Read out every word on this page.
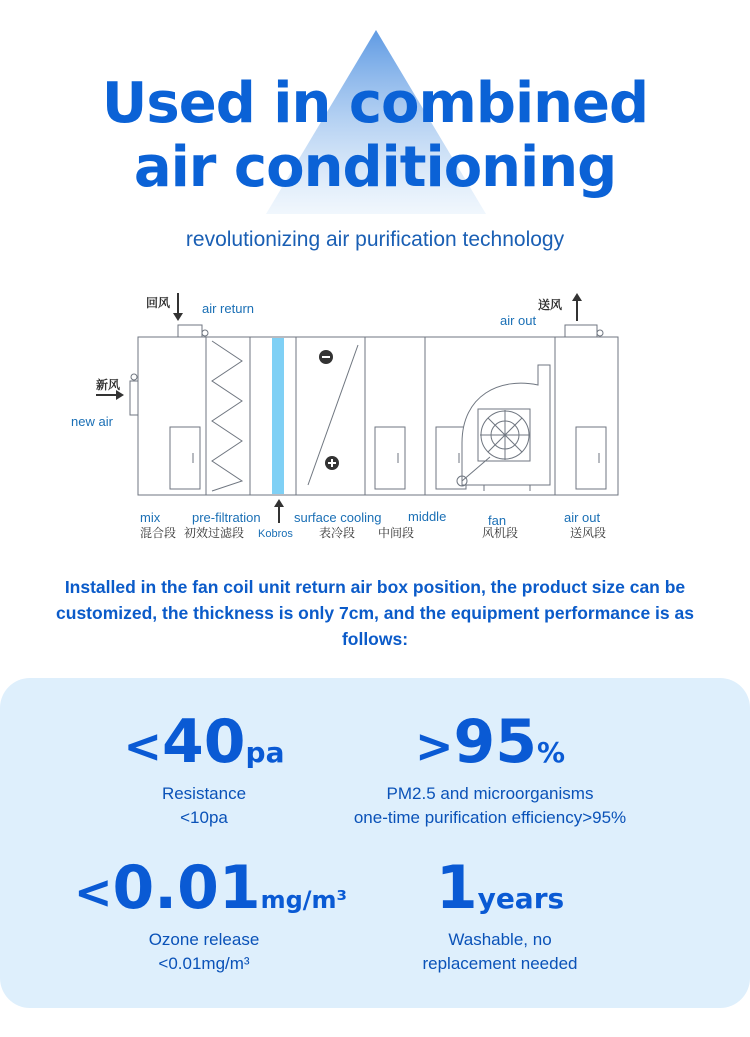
Used in combined
air conditioning
revolutionizing air purification technology
回风 air return	送风
air out
新风
new air
Kobros
mix
混合段
pre-filtration
初效过滤段
surface cooling
表冷段
middle
中间段
fan
风机段
air out
送风段
Installed in the fan coil unit return air box position, the product size can be customized, the thickness is only 7cm, and the equipment performance is as follows:
<40pa
Resistance
<10pa
>95%
PM2.5 and microorganisms
one-time purification efficiency>95%
<0.01mg/m³
Ozone release
<0.01mg/m³
1years
Washable, no
replacement needed
